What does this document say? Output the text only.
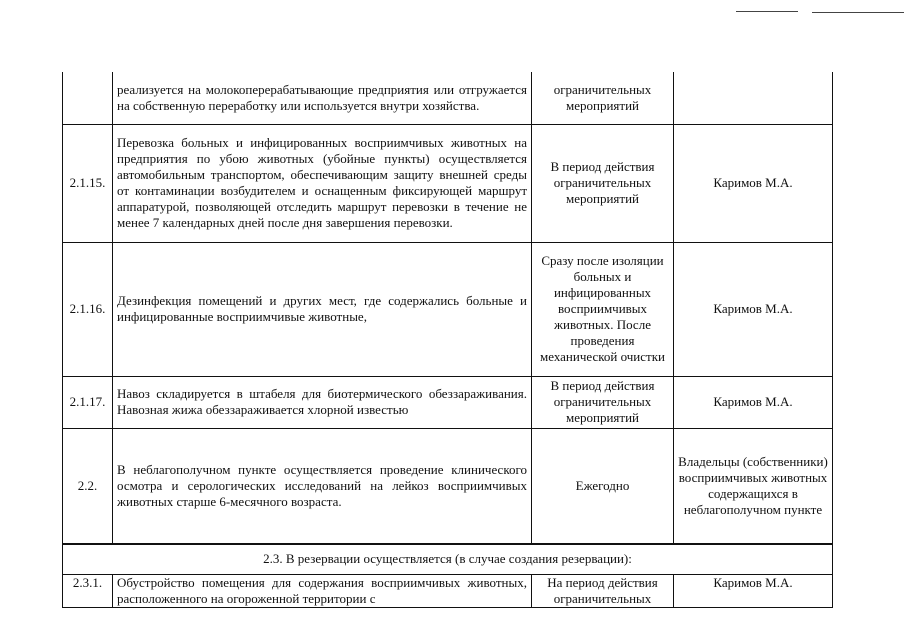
	реализуется на молокоперерабатывающие предприятия или отгружается на собственную переработку или используется внутри хозяйства.	ограничительных мероприятий	
2.1.15.	Перевозка больных и инфицированных восприимчивых животных на предприятия по убою животных (убойные пункты) осуществляется автомобильным транспортом, обеспечивающим защиту внешней среды от контаминации возбудителем и оснащенным фиксирующей маршрут аппаратурой, позволяющей отследить маршрут перевозки в течение не менее 7 календарных дней после дня завершения перевозки.	В период действия ограничительных мероприятий	Каримов М.А.
2.1.16.	Дезинфекция помещений и других мест, где содержались больные и инфицированные восприимчивые животные,	Сразу после изоляции больных и инфицированных восприимчивых животных. После проведения механической очистки	Каримов М.А.
2.1.17.	Навоз складируется в штабеля для биотермического обеззараживания. Навозная жижа обеззараживается хлорной известью	В период действия ограничительных мероприятий	Каримов М.А.
2.2.	В неблагополучном пункте осуществляется проведение клинического осмотра и серологических исследований на лейкоз восприимчивых животных старше 6-месячного возраста.	Ежегодно	Владельцы (собственники) восприимчивых животных содержащихся в неблагополучном пункте
2.3. В резервации осуществляется (в случае создания резервации):			
2.3.1.	Обустройство помещения для содержания восприимчивых животных, расположенного на огороженной территории с	На период действия ограничительных	Каримов М.А.
